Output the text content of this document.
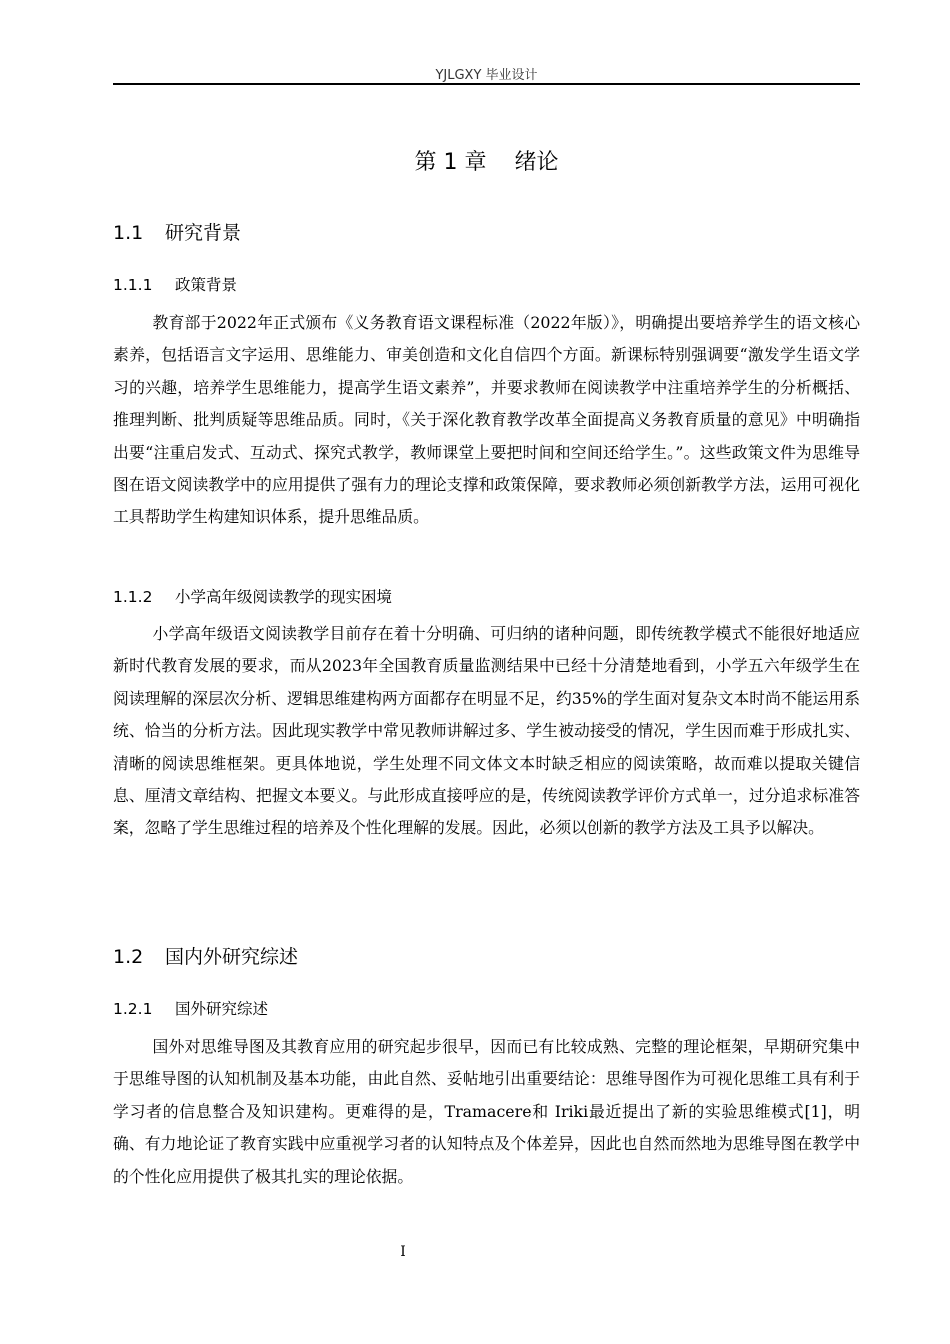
YJLGXY 毕业设计
第 1 章    绪论
1.1 研究背景
1.1.1 政策背景

教育部于2022年正式颁布《义务教育语文课程标准（2022年版）》，明确提出要培养学生的语文核心素养，包括语言文字运用、思维能力、审美创造和文化自信四个方面。新课标特别强调要“激发学生语文学习的兴趣，培养学生思维能力，提高学生语文素养”，并要求教师在阅读教学中注重培养学生的分析概括、推理判断、批判质疑等思维品质。同时，《关于深化教育教学改革全面提高义务教育质量的意见》中明确指出要“注重启发式、互动式、探究式教学，教师课堂上要把时间和空间还给学生。”。这些政策文件为思维导图在语文阅读教学中的应用提供了强有力的理论支撑和政策保障，要求教师必须创新教学方法，运用可视化工具帮助学生构建知识体系，提升思维品质。

1.1.2 小学高年级阅读教学的现实困境

小学高年级语文阅读教学目前存在着十分明确、可归纳的诸种问题，即传统教学模式不能很好地适应新时代教育发展的要求，而从2023年全国教育质量监测结果中已经十分清楚地看到，小学五六年级学生在阅读理解的深层次分析、逻辑思维建构两方面都存在明显不足，约35%的学生面对复杂文本时尚不能运用系统、恰当的分析方法。因此现实教学中常见教师讲解过多、学生被动接受的情况，学生因而难于形成扎实、清晰的阅读思维框架。更具体地说，学生处理不同文体文本时缺乏相应的阅读策略，故而难以提取关键信息、厘清文章结构、把握文本要义。与此形成直接呼应的是，传统阅读教学评价方式单一，过分追求标准答案，忽略了学生思维过程的培养及个性化理解的发展。因此，必须以创新的教学方法及工具予以解决。

1.2 国内外研究综述
1.2.1 国外研究综述

国外对思维导图及其教育应用的研究起步很早，因而已有比较成熟、完整的理论框架，早期研究集中于思维导图的认知机制及基本功能，由此自然、妥帖地引出重要结论：思维导图作为可视化思维工具有利于学习者的信息整合及知识建构。更难得的是，Tramacere和 Iriki最近提出了新的实验思维模式[1]，明确、有力地论证了教育实践中应重视学习者的认知特点及个体差异，因此也自然而然地为思维导图在教学中的个性化应用提供了极其扎实的理论依据。

I
